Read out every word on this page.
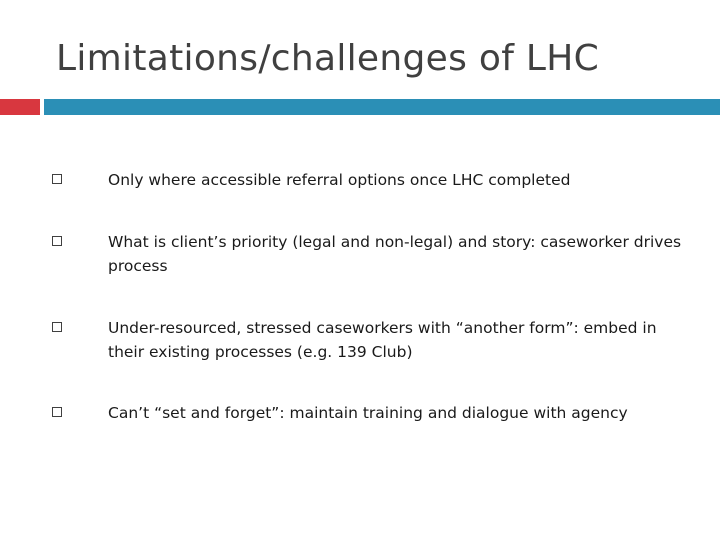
Limitations/challenges of LHC
Only where accessible referral options once LHC completed
What is client’s priority (legal and non-legal) and story: caseworker drives process
Under-resourced, stressed caseworkers with “another form”: embed in their existing processes (e.g. 139 Club)
Can’t “set and forget”: maintain training and dialogue with agency
